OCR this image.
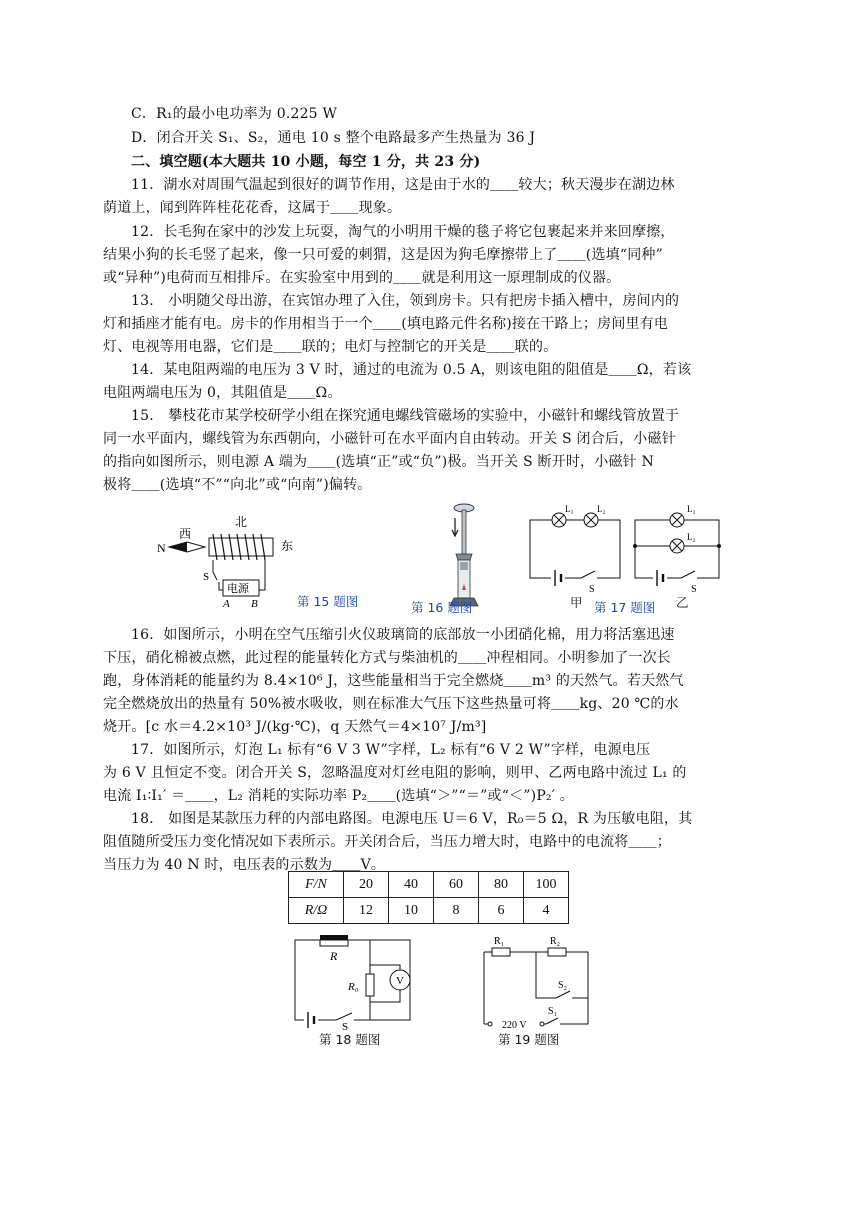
C．R₁的最小电功率为 0.225 W
D．闭合开关 S₁、S₂，通电 10 s 整个电路最多产生热量为 36 J
二、填空题(本大题共 10 小题，每空 1 分，共 23 分)
11．湖水对周围气温起到很好的调节作用，这是由于水的＿＿较大；秋天漫步在湖边林
荫道上，闻到阵阵桂花花香，这属于＿＿现象。
12．长毛狗在家中的沙发上玩耍，淘气的小明用干燥的毯子将它包裹起来并来回摩擦，
结果小狗的长毛竖了起来，像一只可爱的刺猬，这是因为狗毛摩擦带上了＿＿(选填“同种”
或“异种”)电荷而互相排斥。在实验室中用到的＿＿就是利用这一原理制成的仪器。
13． 小明随父母出游，在宾馆办理了入住，领到房卡。只有把房卡插入槽中，房间内的
灯和插座才能有电。房卡的作用相当于一个＿＿(填电路元件名称)接在干路上；房间里有电
灯、电视等用电器，它们是＿＿联的；电灯与控制它的开关是＿＿联的。
14．某电阻两端的电压为 3 V 时，通过的电流为 0.5 A，则该电阻的阻值是＿＿Ω，若该
电阻两端电压为 0，其阻值是＿＿Ω。
15． 攀枝花市某学校研学小组在探究通电螺线管磁场的实验中，小磁针和螺线管放置于
同一水平面内，螺线管为东西朝向，小磁针可在水平面内自由转动。开关 S 闭合后，小磁针
的指向如图所示，则电源 A 端为＿＿(选填“正”或“负”)极。当开关 S 断开时，小磁针 N
极将＿＿(选填“不”“向北”或“向南”)偏转。
西
北
东
N
S
电源
A B	第 15 题图	第 16 题图
L₁	L₂
S
L₁
L₂
S
甲 第 17 题图 乙
16．如图所示，小明在空气压缩引火仪玻璃筒的底部放一小团硝化棉，用力将活塞迅速
下压，硝化棉被点燃，此过程的能量转化方式与柴油机的＿＿冲程相同。小明参加了一次长
跑，身体消耗的能量约为 8.4×10⁶ J，这些能量相当于完全燃烧＿＿m³ 的天然气。若天然气
完全燃烧放出的热量有 50%被水吸收，则在标准大气压下这些热量可将＿＿kg、20 ℃的水
烧开。[c 水＝4.2×10³ J/(kg·℃)，q 天然气＝4×10⁷ J/m³]
17．如图所示，灯泡 L₁ 标有“6 V 3 W”字样，L₂ 标有“6 V 2 W”字样，电源电压
为 6 V 且恒定不变。闭合开关 S，忽略温度对灯丝电阻的影响，则甲、乙两电路中流过 L₁ 的
电流 I₁∶I₁′ ＝＿＿，L₂ 消耗的实际功率 P₂＿＿(选填“＞”“＝”或“＜”)P₂′ 。
18． 如图是某款压力秤的内部电路图。电源电压 U＝6 V，R₀＝5 Ω，R 为压敏电阻，其
阻值随所受压力变化情况如下表所示。开关闭合后，当压力增大时，电路中的电流将＿＿；
当压力为 40 N 时，电压表的示数为＿＿V。
F/N	20	40	60	80	100
R/Ω	12	10	8	6	4
R
R₀	V
S
第 18 题图
R₁	R₂
S₂
S₁
220 V
第 19 题图
